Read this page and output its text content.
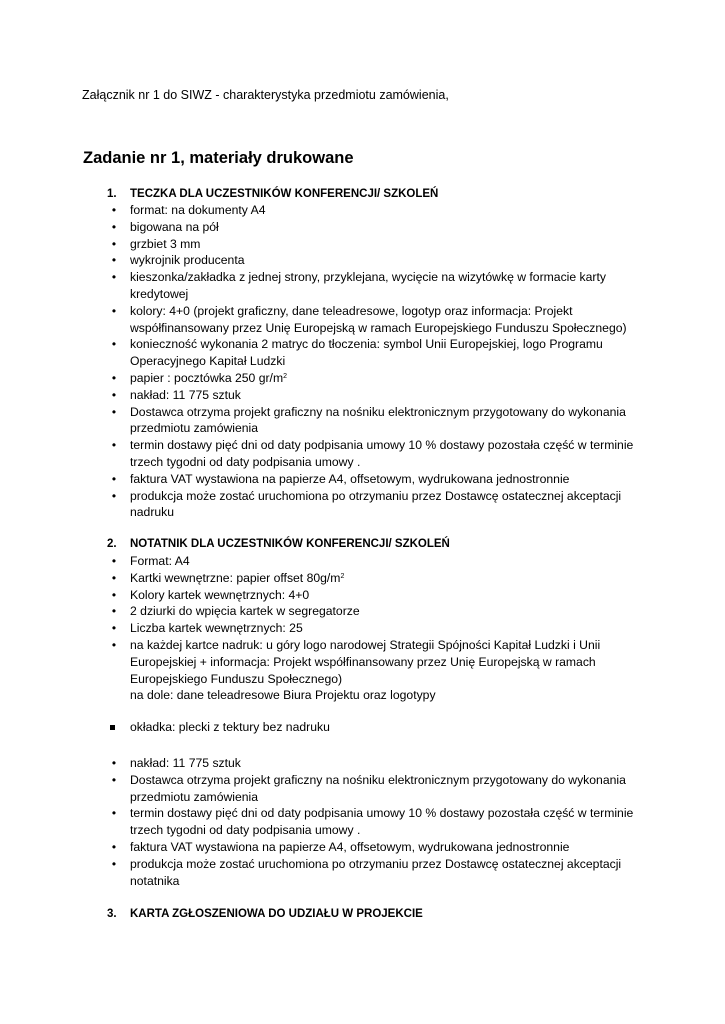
Załącznik nr 1 do SIWZ - charakterystyka przedmiotu zamówienia,
Zadanie nr 1, materiały drukowane
1. TECZKA DLA UCZESTNIKÓW KONFERENCJI/ SZKOLEŃ
•	format: na dokumenty A4
•	bigowana na pół
•	grzbiet 3 mm
•	wykrojnik producenta
•	kieszonka/zakładka z jednej strony, przyklejana, wycięcie na wizytówkę w formacie karty kredytowej
•	kolory: 4+0 (projekt graficzny, dane teleadresowe, logotyp oraz informacja: Projekt współfinansowany przez Unię Europejską w ramach Europejskiego Funduszu Społecznego)
•	konieczność wykonania 2 matryc do tłoczenia: symbol Unii Europejskiej, logo Programu Operacyjnego Kapitał Ludzki
•	papier : pocztówka 250 $gr/m^2$
•	nakład: 11 775 sztuk
•	Dostawca otrzyma projekt graficzny na nośniku elektronicznym przygotowany do wykonania przedmiotu zamówienia
•	termin dostawy pięć dni od daty podpisania umowy 10 % dostawy pozostała część w terminie trzech tygodni od daty podpisania umowy .
•	faktura VAT wystawiona na papierze A4, offsetowym, wydrukowana jednostronnie
•	produkcja może zostać uruchomiona po otrzymaniu przez Dostawcę ostatecznej akceptacji nadruku
2. NOTATNIK DLA UCZESTNIKÓW KONFERENCJI/ SZKOLEŃ
•	Format: A4
•	Kartki wewnętrzne: papier offset $80g/m^2$
•	Kolory kartek wewnętrznych: 4+0
•	2 dziurki do wpięcia kartek w segregatorze
•	Liczba kartek wewnętrznych: 25
•	na każdej kartce nadruk: u góry logo narodowej Strategii Spójności Kapitał Ludzki i Unii Europejskiej + informacja: Projekt współfinansowany przez Unię Europejską w ramach Europejskiego Funduszu Społecznego)
na dole: dane teleadresowe Biura Projektu oraz logotypy
okładka: plecki z tektury bez nadruku
•	nakład: 11 775 sztuk
•	Dostawca otrzyma projekt graficzny na nośniku elektronicznym przygotowany do wykonania przedmiotu zamówienia
•	termin dostawy pięć dni od daty podpisania umowy 10 % dostawy pozostała część w terminie trzech tygodni od daty podpisania umowy .
•	faktura VAT wystawiona na papierze A4, offsetowym, wydrukowana jednostronnie
•	produkcja może zostać uruchomiona po otrzymaniu przez Dostawcę ostatecznej akceptacji notatnika
3. KARTA ZGŁOSZENIOWA DO UDZIAŁU W PROJEKCIE
